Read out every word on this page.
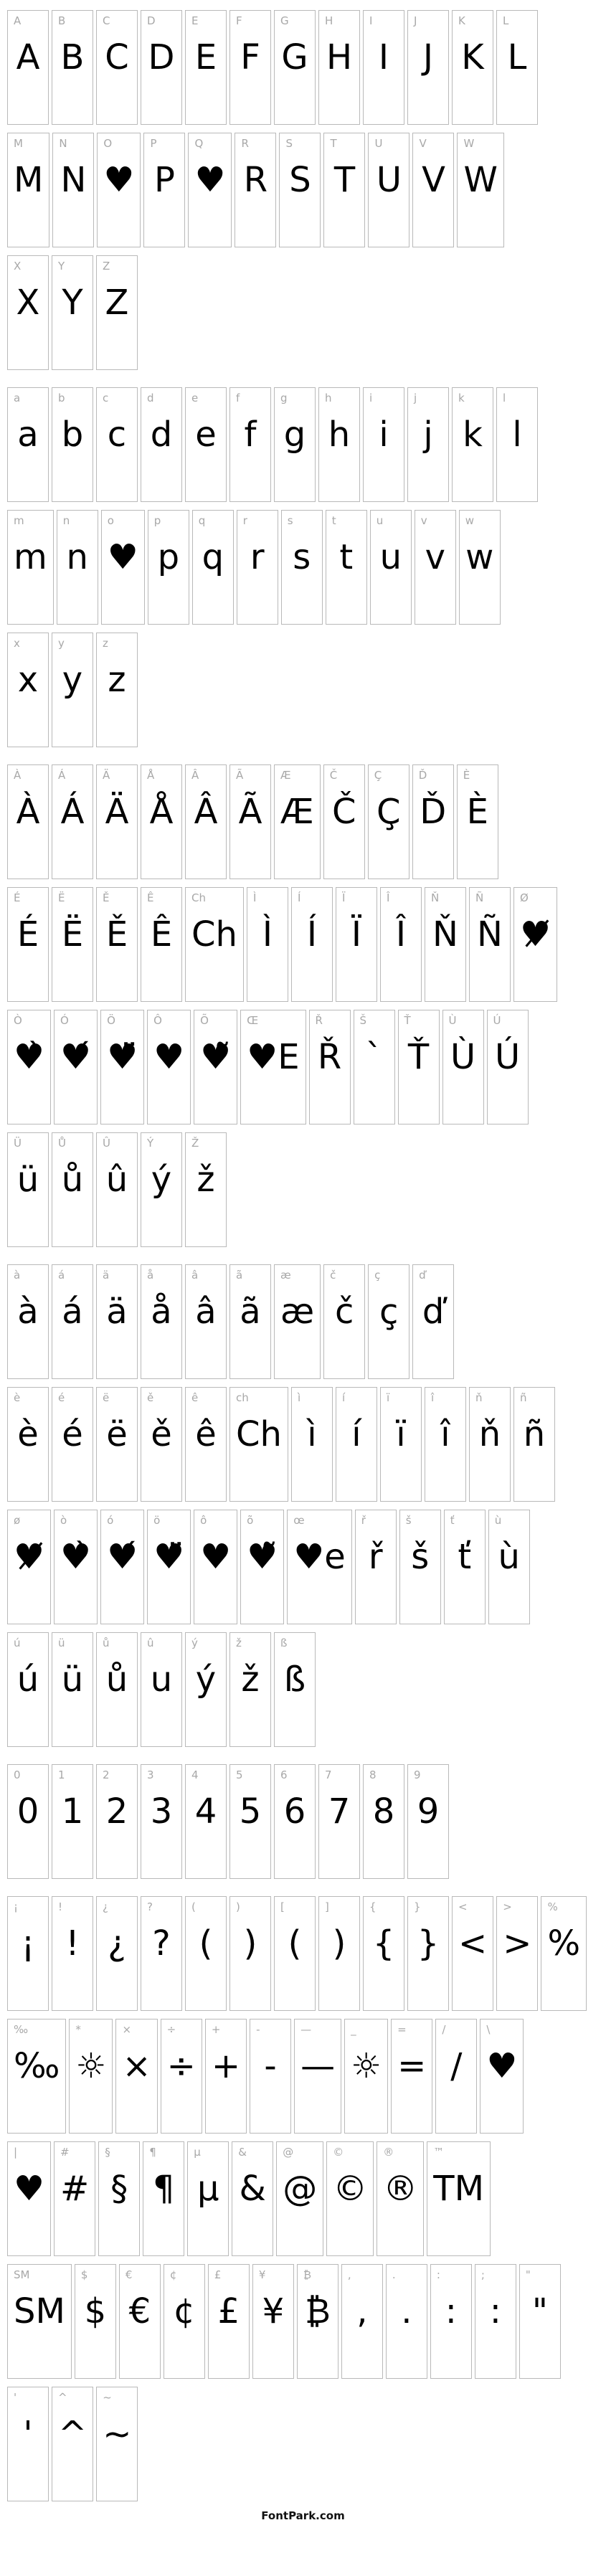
A
A
B
B
C
C
D
D
E
E
F
F
G
G
H
H
I
I
J
J
K
K
L
L
M
M
N
N
O
♥
P
P
Q
♥
R
R
S
S
T
T
U
U
V
V
W
W
X
X
Y
Y
Z
Z
a
a
b
b
c
c
d
d
e
e
f
f
g
g
h
h
i
i
j
j
k
k
l
l
m
m
n
n
o
♥
p
p
q
q
r
r
s
s
t
t
u
u
v
v
w
w
x
x
y
y
z
z
À
À
Á
Á
Ä
Ä
Å
Å
Â
Â
Ã
Ã
Æ
Æ
Č
Č
Ç
Ç
Ď
Ď
È
È
É
É
Ë
Ë
Ě
Ě
Ê
Ê
Ch
Ch
Ì
Ì
Í
Í
Ï
Ï
Î
Î
Ň
Ň
Ñ
Ñ
Ø
♥̸
Ò
♥̀
Ó
♥́
Ö
♥̈
Ô
♥
Õ
♥̃
Œ
♥E
Ř
Ř
Š
`
Ť
Ť
Ù
Ù
Ú
Ú
Ü
ü
Ů
ů
Û
û
Ý
ý
Ž
ž
à
à
á
á
ä
ä
å
å
â
â
ã
ã
æ
æ
č
č
ç
ç
ď
ď
è
è
é
é
ë
ë
ě
ě
ê
ê
ch
Ch
ì
ì
í
í
ï
ï
î
î
ň
ň
ñ
ñ
ø
♥̸
ò
♥̀
ó
♥́
ö
♥̈
ô
♥
õ
♥̃
œ
♥e
ř
ř
š
š
ť
ť
ù
ù
ú
ú
ü
ü
ů
ů
û
u
ý
ý
ž
ž
ß
ß
0
0
1
1
2
2
3
3
4
4
5
5
6
6
7
7
8
8
9
9
¡
¡
!
!
¿
¿
?
?
(
(
)
)
[
(
]
)
{
{
}
}
<
<
>
>
%
%
‰
‰
*
☼
×
×
÷
÷
+
+
-
-
—
—
_
☼
=
=
/
/
\
♥
|
♥
#
#
§
§
¶
¶
µ
µ
&
&
@
@
©
©
®
®
™
TM
SM
SM
$
$
€
€
¢
¢
£
£
¥
¥
₿
₿
,
,
.
.
:
:
;
:
"
"
'
'
^
^
~
~
FontPark.com
